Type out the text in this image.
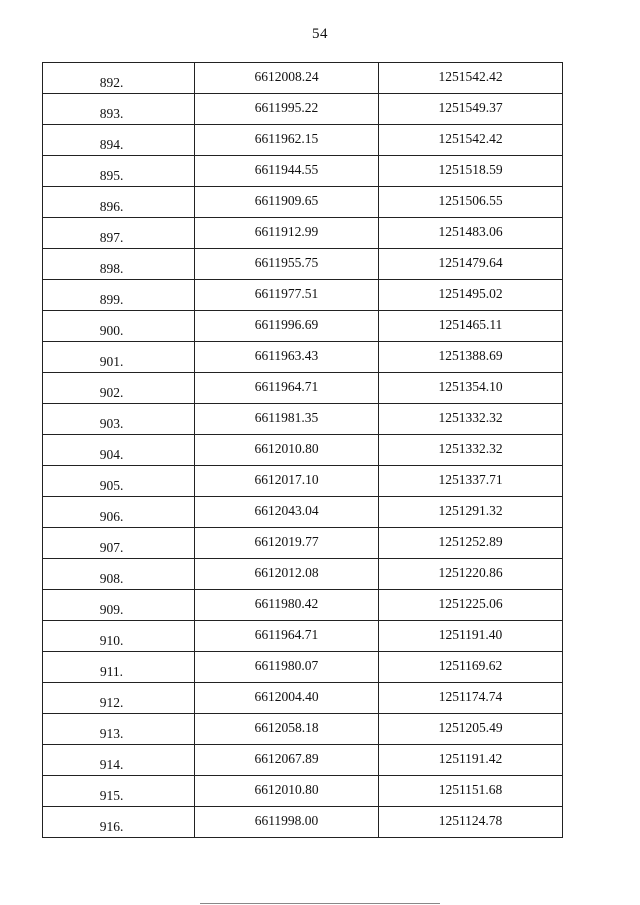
54
892.	6612008.24	1251542.42
893.	6611995.22	1251549.37
894.	6611962.15	1251542.42
895.	6611944.55	1251518.59
896.	6611909.65	1251506.55
897.	6611912.99	1251483.06
898.	6611955.75	1251479.64
899.	6611977.51	1251495.02
900.	6611996.69	1251465.11
901.	6611963.43	1251388.69
902.	6611964.71	1251354.10
903.	6611981.35	1251332.32
904.	6612010.80	1251332.32
905.	6612017.10	1251337.71
906.	6612043.04	1251291.32
907.	6612019.77	1251252.89
908.	6612012.08	1251220.86
909.	6611980.42	1251225.06
910.	6611964.71	1251191.40
911.	6611980.07	1251169.62
912.	6612004.40	1251174.74
913.	6612058.18	1251205.49
914.	6612067.89	1251191.42
915.	6612010.80	1251151.68
916.	6611998.00	1251124.78
